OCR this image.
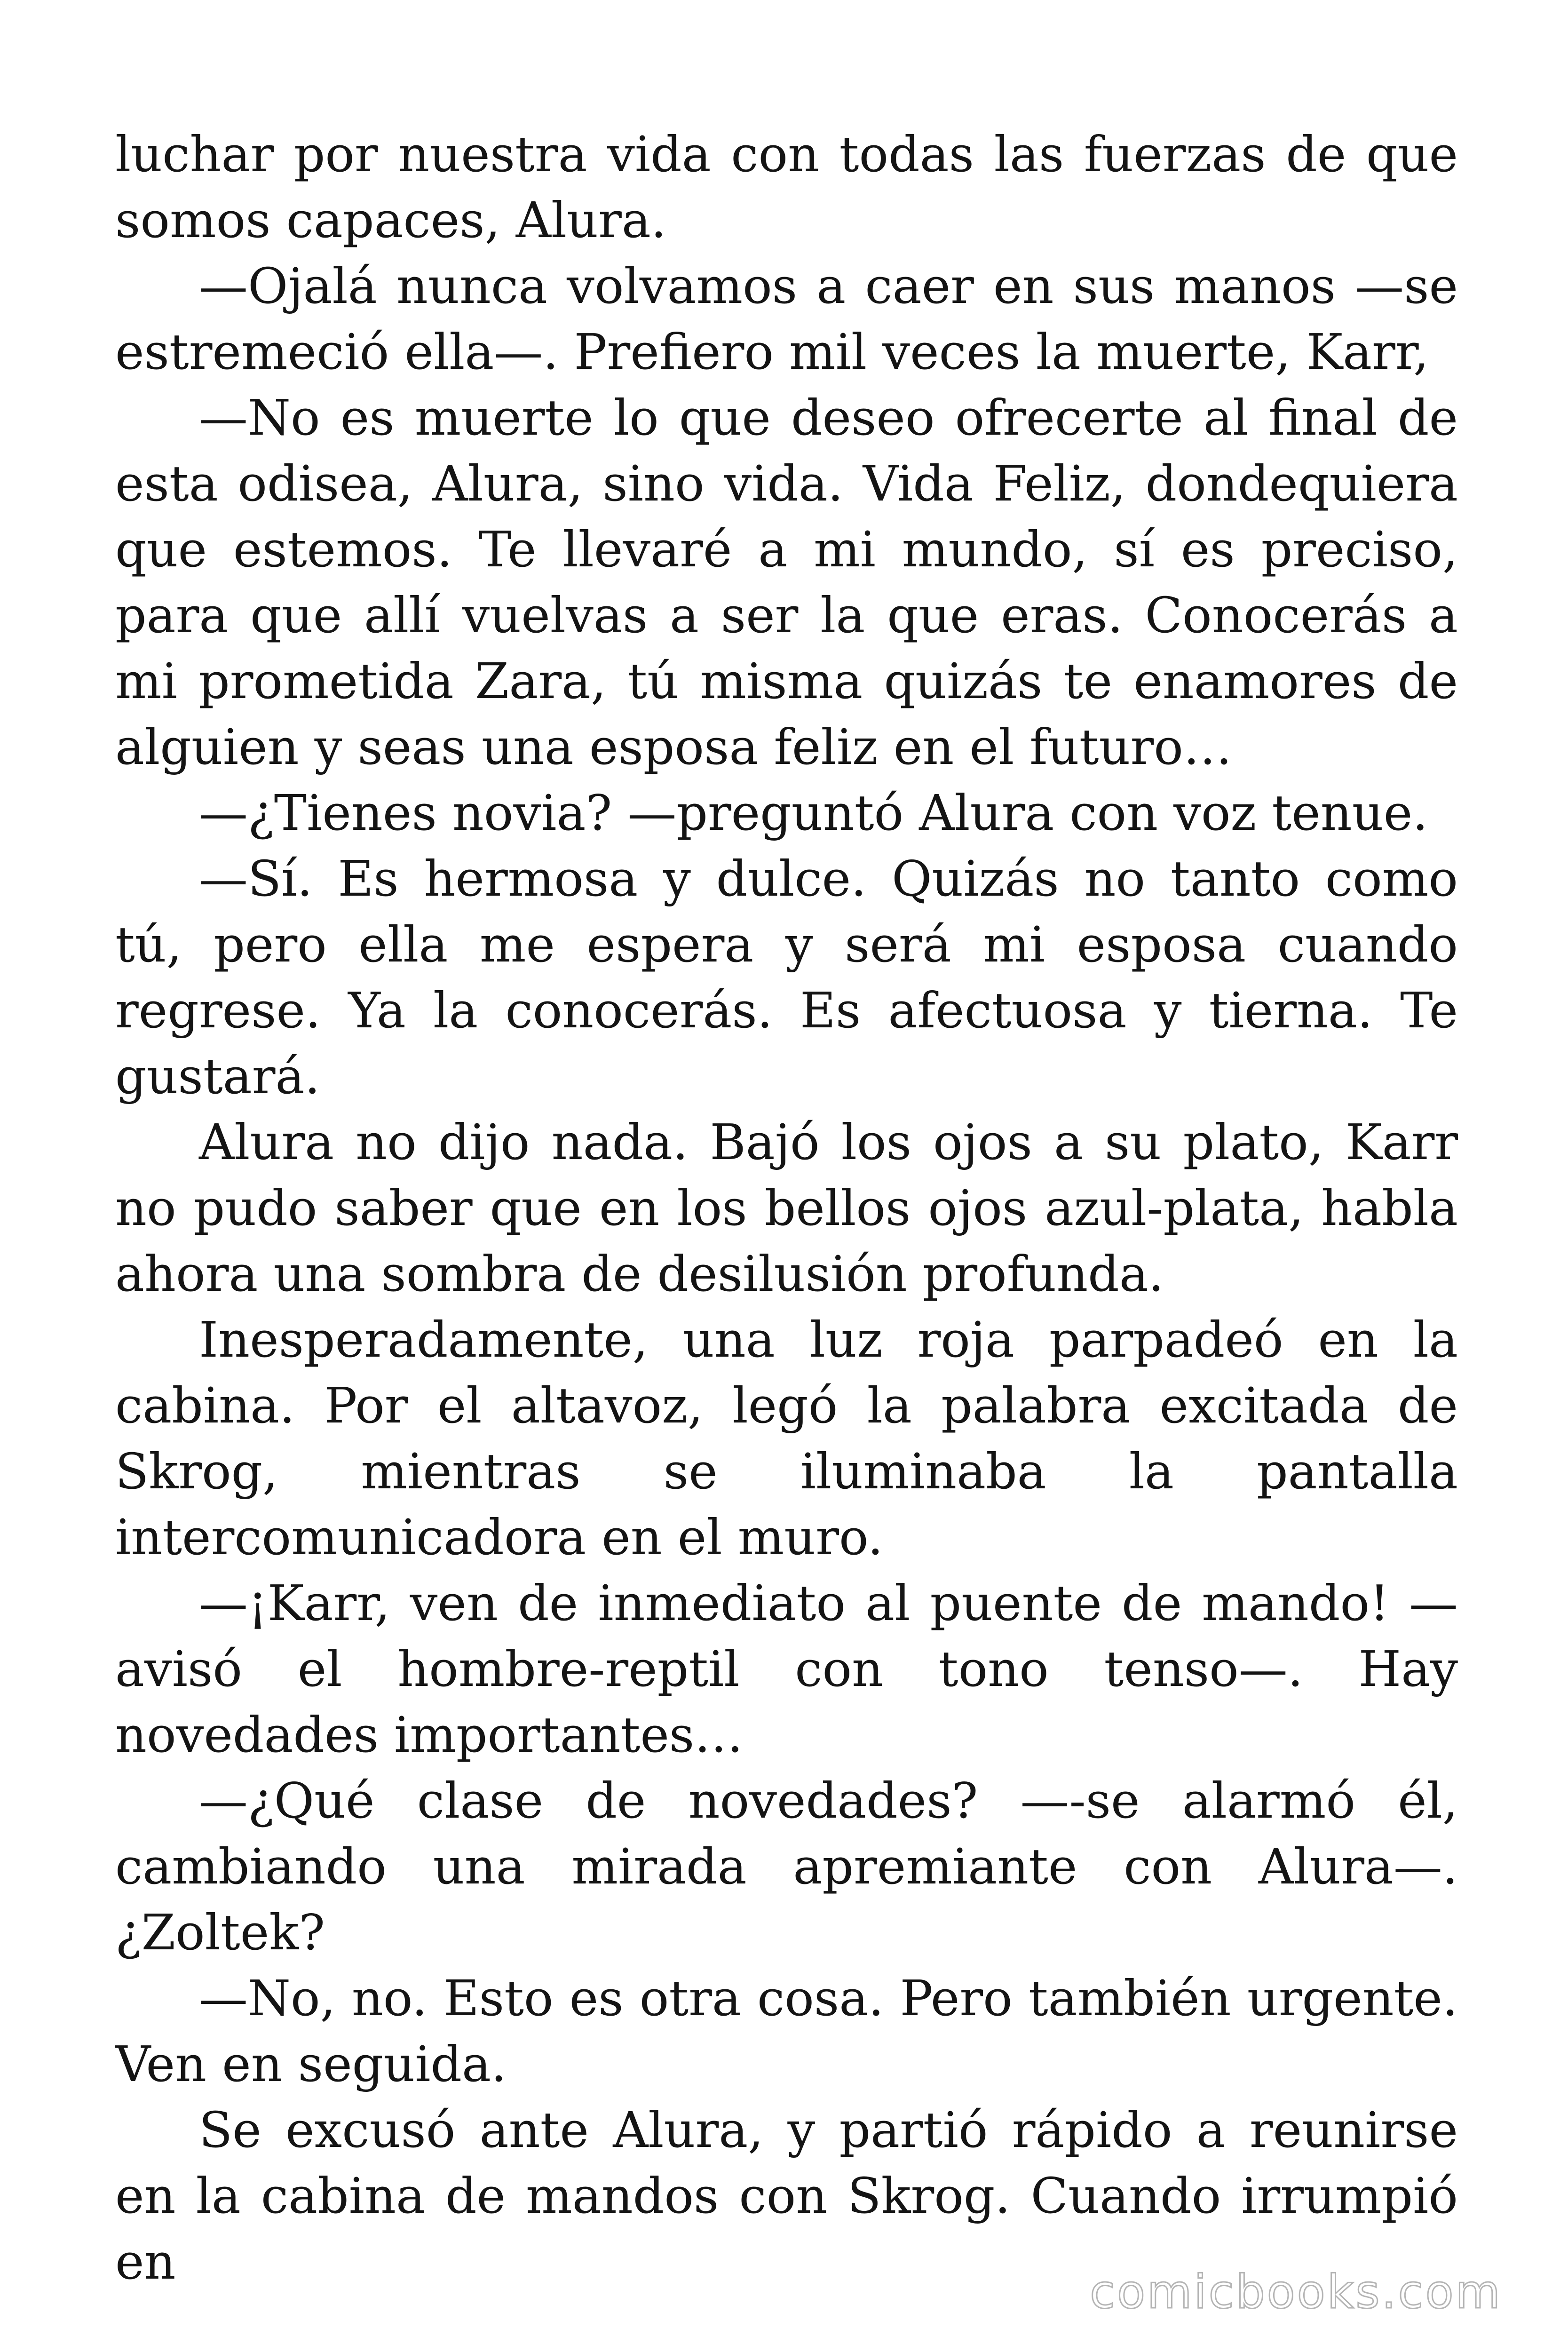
luchar por nuestra vida con todas las fuerzas de que somos capaces, Alura.

—Ojalá nunca volvamos a caer en sus manos —se estremeció ella—. Prefiero mil veces la muerte, Karr,

—No es muerte lo que deseo ofrecerte al final de esta odisea, Alura, sino vida. Vida Feliz, dondequiera que estemos. Te llevaré a mi mundo, sí es preciso, para que allí vuelvas a ser la que eras. Conocerás a mi prometida Zara, tú misma quizás te enamores de alguien y seas una esposa feliz en el futuro…

—¿Tienes novia? —preguntó Alura con voz tenue.

—Sí. Es hermosa y dulce. Quizás no tanto como tú, pero ella me espera y será mi esposa cuando regrese. Ya la conocerás. Es afectuosa y tierna. Te gustará.

Alura no dijo nada. Bajó los ojos a su plato, Karr no pudo saber que en los bellos ojos azul-plata, habla ahora una sombra de desilusión profunda.

Inesperadamente, una luz roja parpadeó en la cabina. Por el altavoz, legó la palabra excitada de Skrog, mientras se iluminaba la pantalla intercomunicadora en el muro.

—¡Karr, ven de inmediato al puente de mando! —avisó el hombre-reptil con tono tenso—. Hay novedades importantes…

—¿Qué clase de novedades? —-se alarmó él, cambiando una mirada apremiante con Alura—. ¿Zoltek?

—No, no. Esto es otra cosa. Pero también urgente. Ven en seguida.

Se excusó ante Alura, y partió rápido a reunirse en la cabina de mandos con Skrog. Cuando irrumpió en

comicbooks.com
